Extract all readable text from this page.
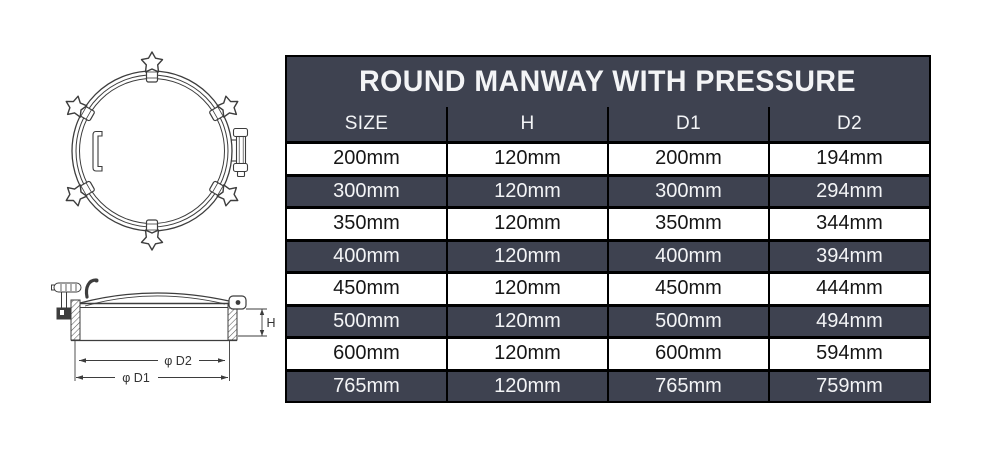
φ D2
φ D1
H
ROUND MANWAY WITH PRESSURE
SIZE	H	D1	D2
200mm	120mm	200mm	194mm
300mm	120mm	300mm	294mm
350mm	120mm	350mm	344mm
400mm	120mm	400mm	394mm
450mm	120mm	450mm	444mm
500mm	120mm	500mm	494mm
600mm	120mm	600mm	594mm
765mm	120mm	765mm	759mm
